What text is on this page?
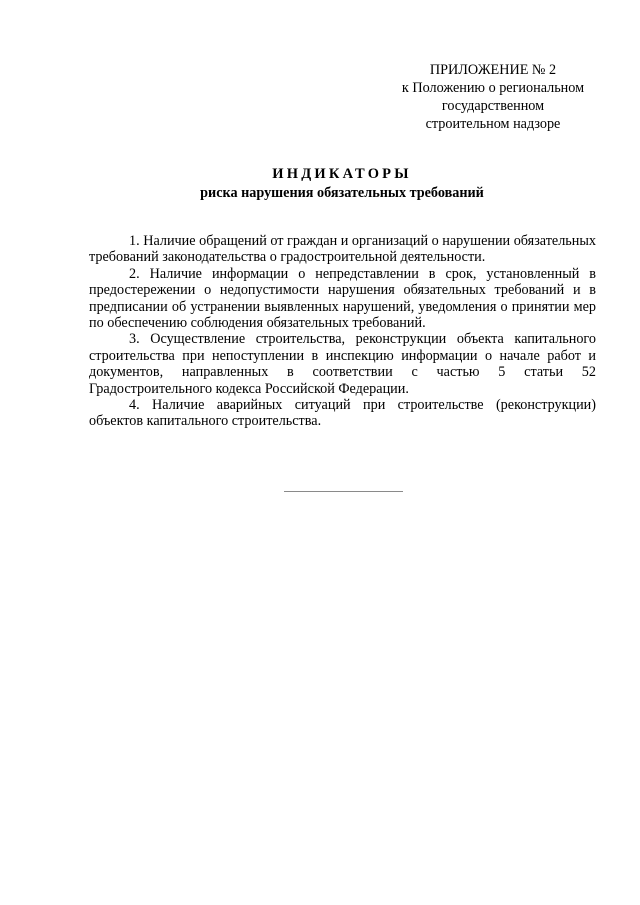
ПРИЛОЖЕНИЕ № 2
к Положению о региональном
государственном
строительном надзоре
ИНДИКАТОРЫ
риска нарушения обязательных требований

1. Наличие обращений от граждан и организаций о нарушении обязательных требований законодательства о градостроительной деятельности.

2. Наличие информации о непредставлении в срок, установленный в предостережении о недопустимости нарушения обязательных требований и в предписании об устранении выявленных нарушений, уведомления о принятии мер по обеспечению соблюдения обязательных требований.

3. Осуществление строительства, реконструкции объекта капитального строительства при непоступлении в инспекцию информации о начале работ и документов, направленных в соответствии с частью 5 статьи 52 Градостроительного кодекса Российской Федерации.

4. Наличие аварийных ситуаций при строительстве (реконструкции) объектов капитального строительства.
